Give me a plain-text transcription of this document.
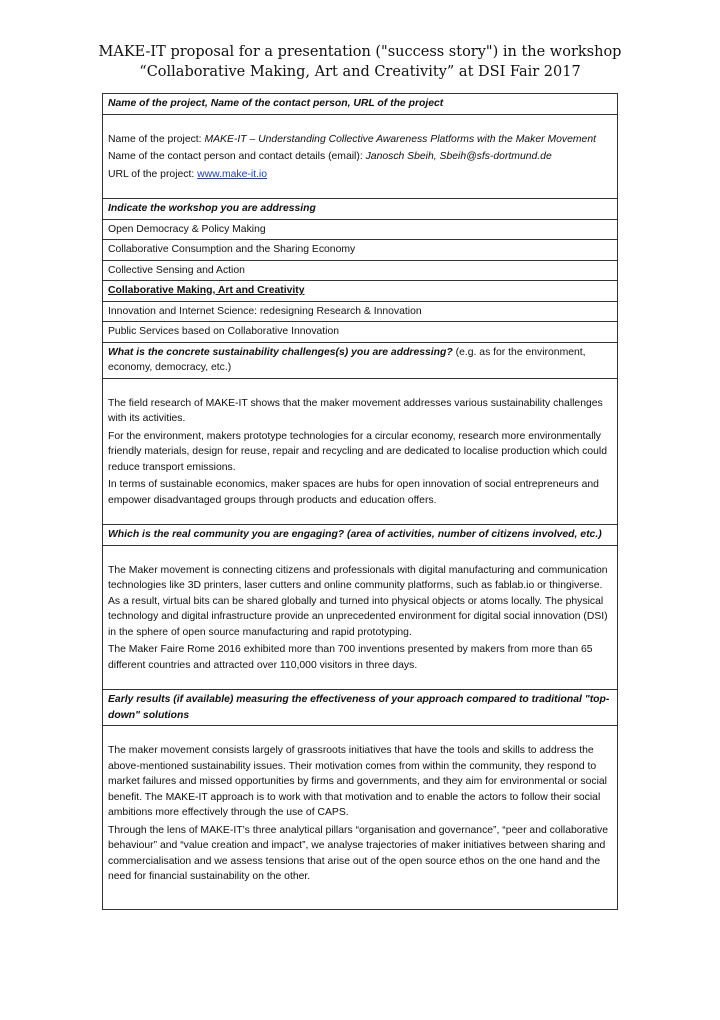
MAKE-IT proposal for a presentation ("success story") in the workshop
“Collaborative Making, Art and Creativity” at DSI Fair 2017
Name of the project, Name of the contact person, URL of the project

Name of the project: MAKE-IT – Understanding Collective Awareness Platforms with the Maker Movement

Name of the contact person and contact details (email): Janosch Sbeih, Sbeih@sfs-dortmund.de

URL of the project: www.make-it.io

Indicate the workshop you are addressing
Open Democracy & Policy Making
Collaborative Consumption and the Sharing Economy
Collective Sensing and Action
Collaborative Making, Art and Creativity
Innovation and Internet Science: redesigning Research & Innovation
Public Services based on Collaborative Innovation
What is the concrete sustainability challenges(s) you are addressing? (e.g. as for the environment, economy, democracy, etc.)

The field research of MAKE-IT shows that the maker movement addresses various sustainability challenges with its activities.

For the environment, makers prototype technologies for a circular economy, research more environmentally friendly materials, design for reuse, repair and recycling and are dedicated to localise production which could reduce transport emissions.

In terms of sustainable economics, maker spaces are hubs for open innovation of social entrepreneurs and empower disadvantaged groups through products and education offers.

Which is the real community you are engaging? (area of activities, number of citizens involved, etc.)

The Maker movement is connecting citizens and professionals with digital manufacturing and communication technologies like 3D printers, laser cutters and online community platforms, such as fablab.io or thingiverse. As a result, virtual bits can be shared globally and turned into physical objects or atoms locally. The physical technology and digital infrastructure provide an unprecedented environment for digital social innovation (DSI) in the sphere of open source manufacturing and rapid prototyping.

The Maker Faire Rome 2016 exhibited more than 700 inventions presented by makers from more than 65 different countries and attracted over 110,000 visitors in three days.

Early results (if available) measuring the effectiveness of your approach compared to traditional "top-down" solutions

The maker movement consists largely of grassroots initiatives that have the tools and skills to address the above-mentioned sustainability issues. Their motivation comes from within the community, they respond to market failures and missed opportunities by firms and governments, and they aim for environmental or social benefit. The MAKE-IT approach is to work with that motivation and to enable the actors to follow their social ambitions more effectively through the use of CAPS.

Through the lens of MAKE-IT’s three analytical pillars “organisation and governance”, “peer and collaborative behaviour” and “value creation and impact”, we analyse trajectories of maker initiatives between sharing and commercialisation and we assess tensions that arise out of the open source ethos on the one hand and the need for financial sustainability on the other.
